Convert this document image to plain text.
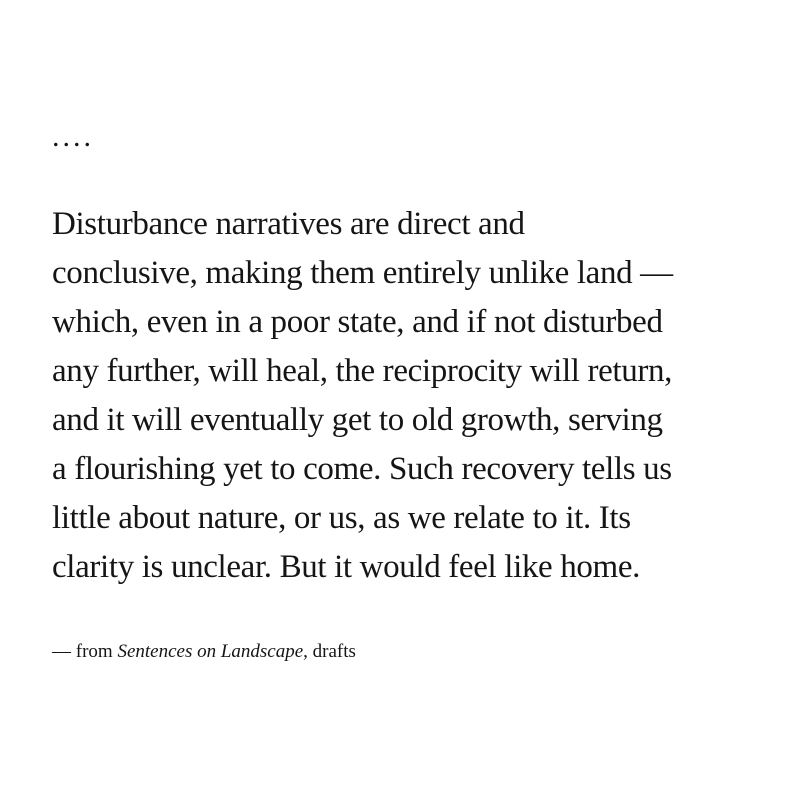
....

Disturbance narratives are direct and
conclusive, making them entirely unlike land —
which, even in a poor state, and if not disturbed
any further, will heal, the reciprocity will return,
and it will eventually get to old growth, serving
a flourishing yet to come. Such recovery tells us
little about nature, or us, as we relate to it. Its
clarity is unclear. But it would feel like home.

— from Sentences on Landscape, drafts
